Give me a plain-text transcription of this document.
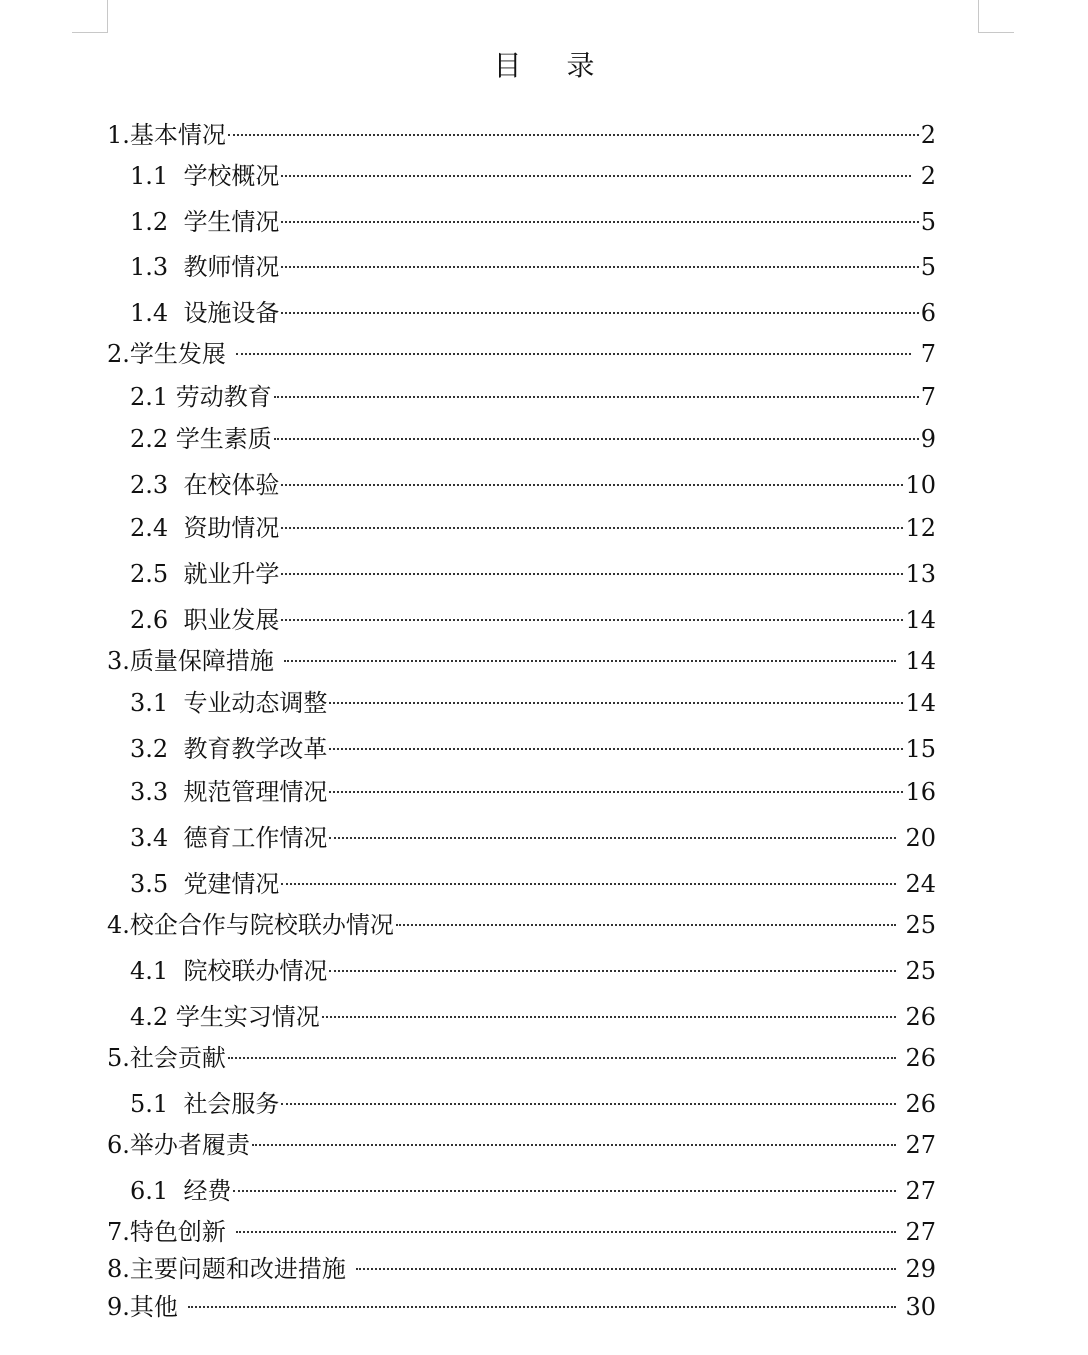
目 录
1. 基本情况	2
1.1 学校概况	2
1.2 学生情况	5
1.3 教师情况	5
1.4 设施设备	6
2. 学生发展	7
2.1 劳动教育	7
2.2 学生素质	9
2.3 在校体验	10
2.4 资助情况	12
2.5 就业升学	13
2.6 职业发展	14
3. 质量保障措施	14
3.1 专业动态调整	14
3.2 教育教学改革	15
3.3 规范管理情况	16
3.4 德育工作情况	20
3.5 党建情况	24
4. 校企合作与院校联办情况	25
4.1 院校联办情况	25
4.2 学生实习情况	26
5. 社会贡献	26
5.1 社会服务	26
6. 举办者履责	27
6.1 经费	27
7. 特色创新	27
8. 主要问题和改进措施	29
9. 其他	30
